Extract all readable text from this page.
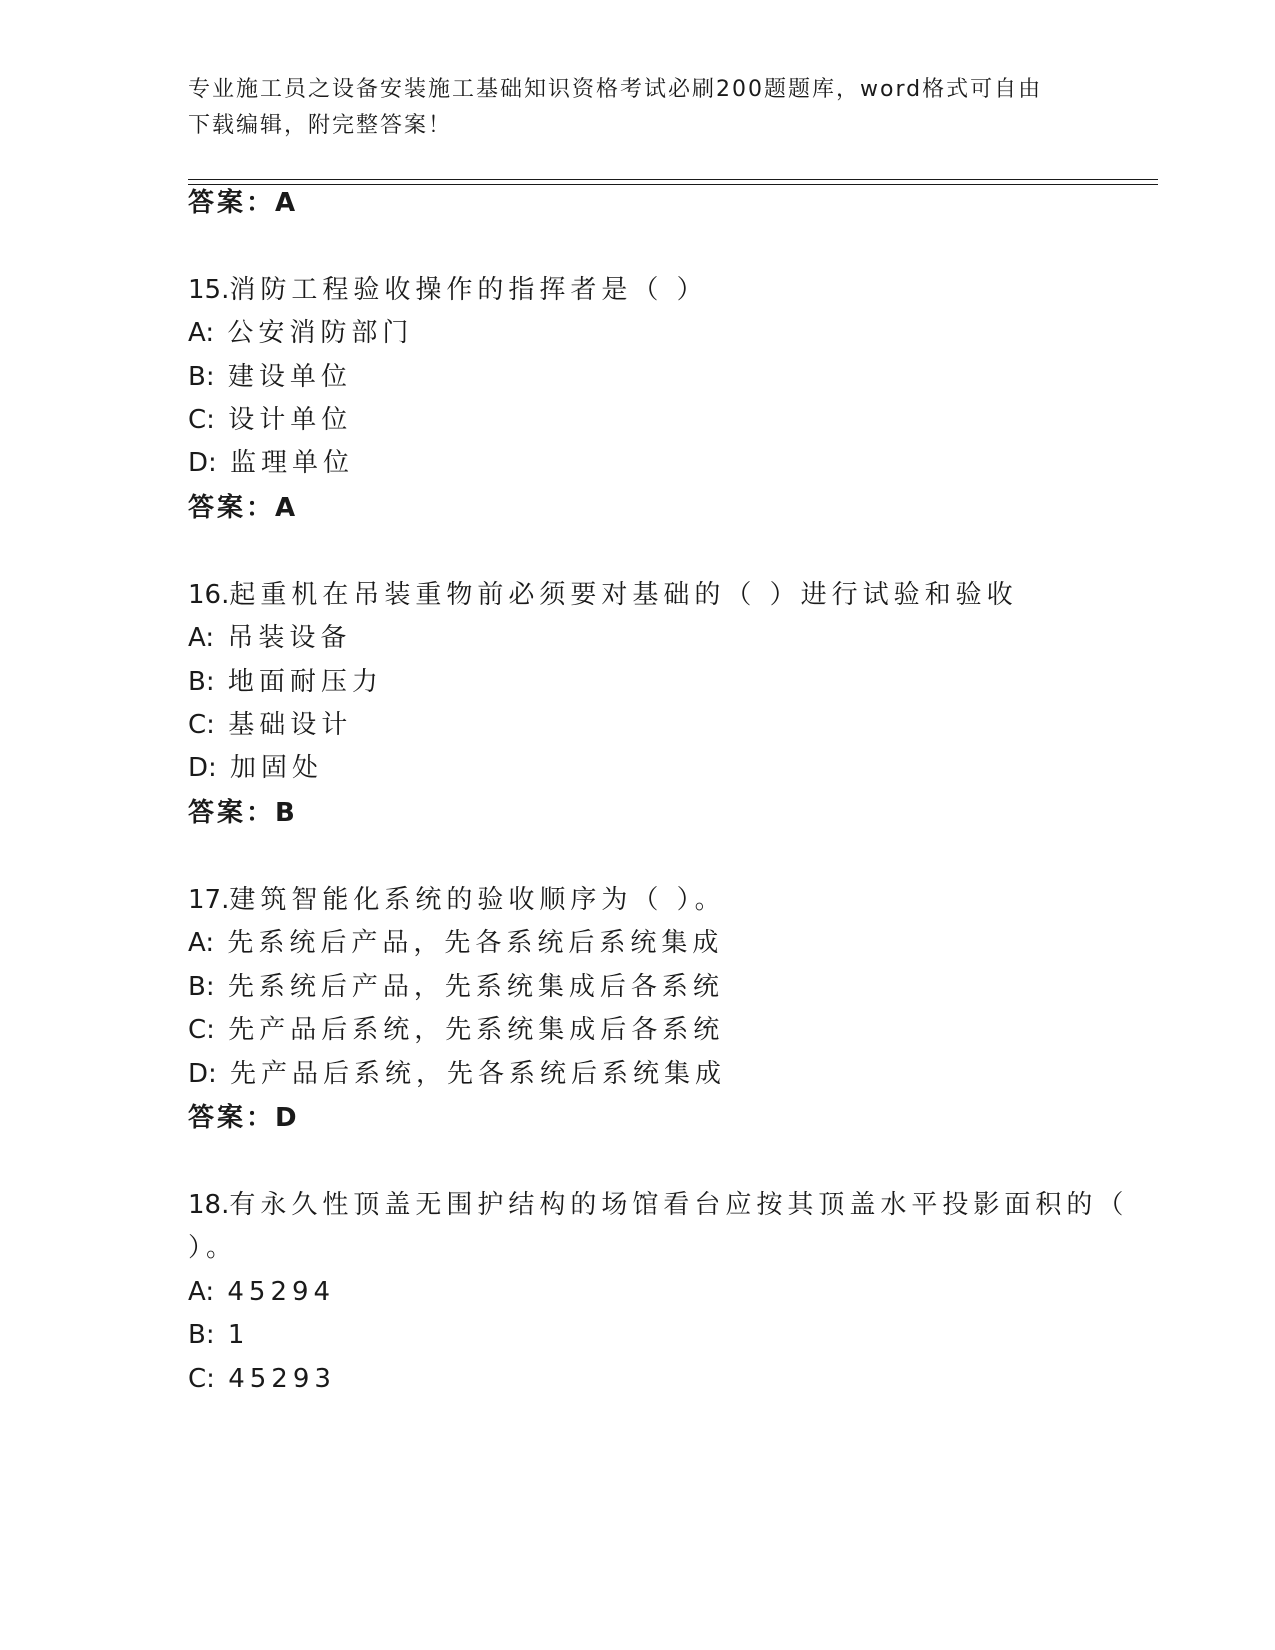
专业施工员之设备安装施工基础知识资格考试必刷200题题库，word格式可自由
下载编辑，附完整答案！
答案：A
15.消防工程验收操作的指挥者是（ ）
A: 公安消防部门
B: 建设单位
C: 设计单位
D: 监理单位
答案：A
16.起重机在吊装重物前必须要对基础的（ ）进行试验和验收
A: 吊装设备
B: 地面耐压力
C: 基础设计
D: 加固处
答案：B
17.建筑智能化系统的验收顺序为（ ）。
A: 先系统后产品，先各系统后系统集成
B: 先系统后产品，先系统集成后各系统
C: 先产品后系统，先系统集成后各系统
D: 先产品后系统，先各系统后系统集成
答案：D
18.有永久性顶盖无围护结构的场馆看台应按其顶盖水平投影面积的（
）。
A: 45294
B: 1
C: 45293
